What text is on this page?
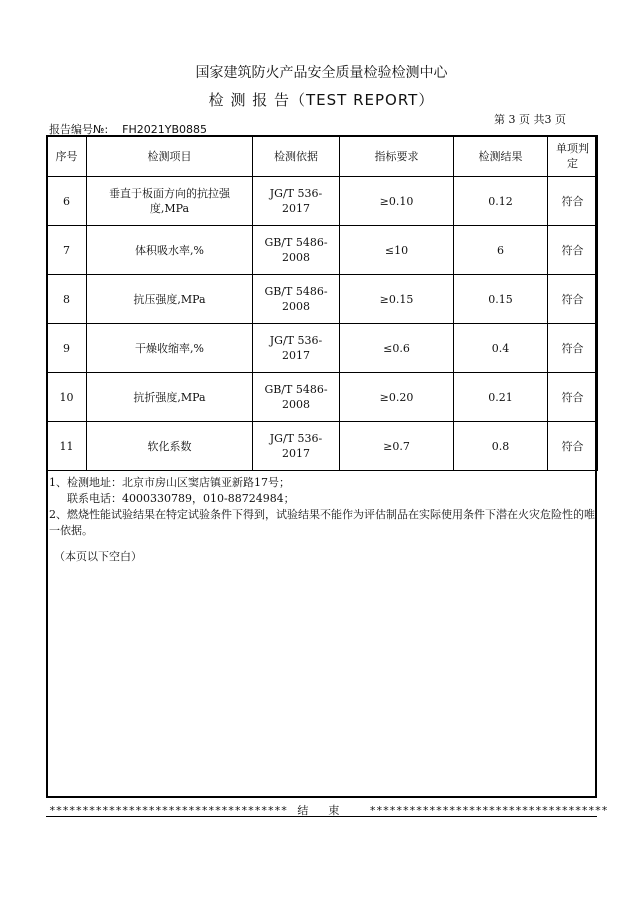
国家建筑防火产品安全质量检验检测中心
检 测 报 告（TEST REPORT）
第 3 页 共3 页
报告编号№: FH2021YB0885
序号	检测项目	检测依据	指标要求	检测结果	单项判定
6	垂直于板面方向的抗拉强度,MPa	JG/T 536-2017	≥0.10	0.12	符合
7	体积吸水率,%	GB/T 5486-2008	≤10	6	符合
8	抗压强度,MPa	GB/T 5486-2008	≥0.15	0.15	符合
9	干燥收缩率,%	JG/T 536-2017	≤0.6	0.4	符合
10	抗折强度,MPa	GB/T 5486-2008	≥0.20	0.21	符合
11	软化系数	JG/T 536-2017	≥0.7	0.8	符合

1、检测地址：北京市房山区窦店镇亚新路17号；

联系电话：4000330789，010-88724984；

2、燃烧性能试验结果在特定试验条件下得到，试验结果不能作为评估制品在实际使用条件下潜在火灾危险性的唯一依据。

（本页以下空白）

************************************ 结束 ************************************
